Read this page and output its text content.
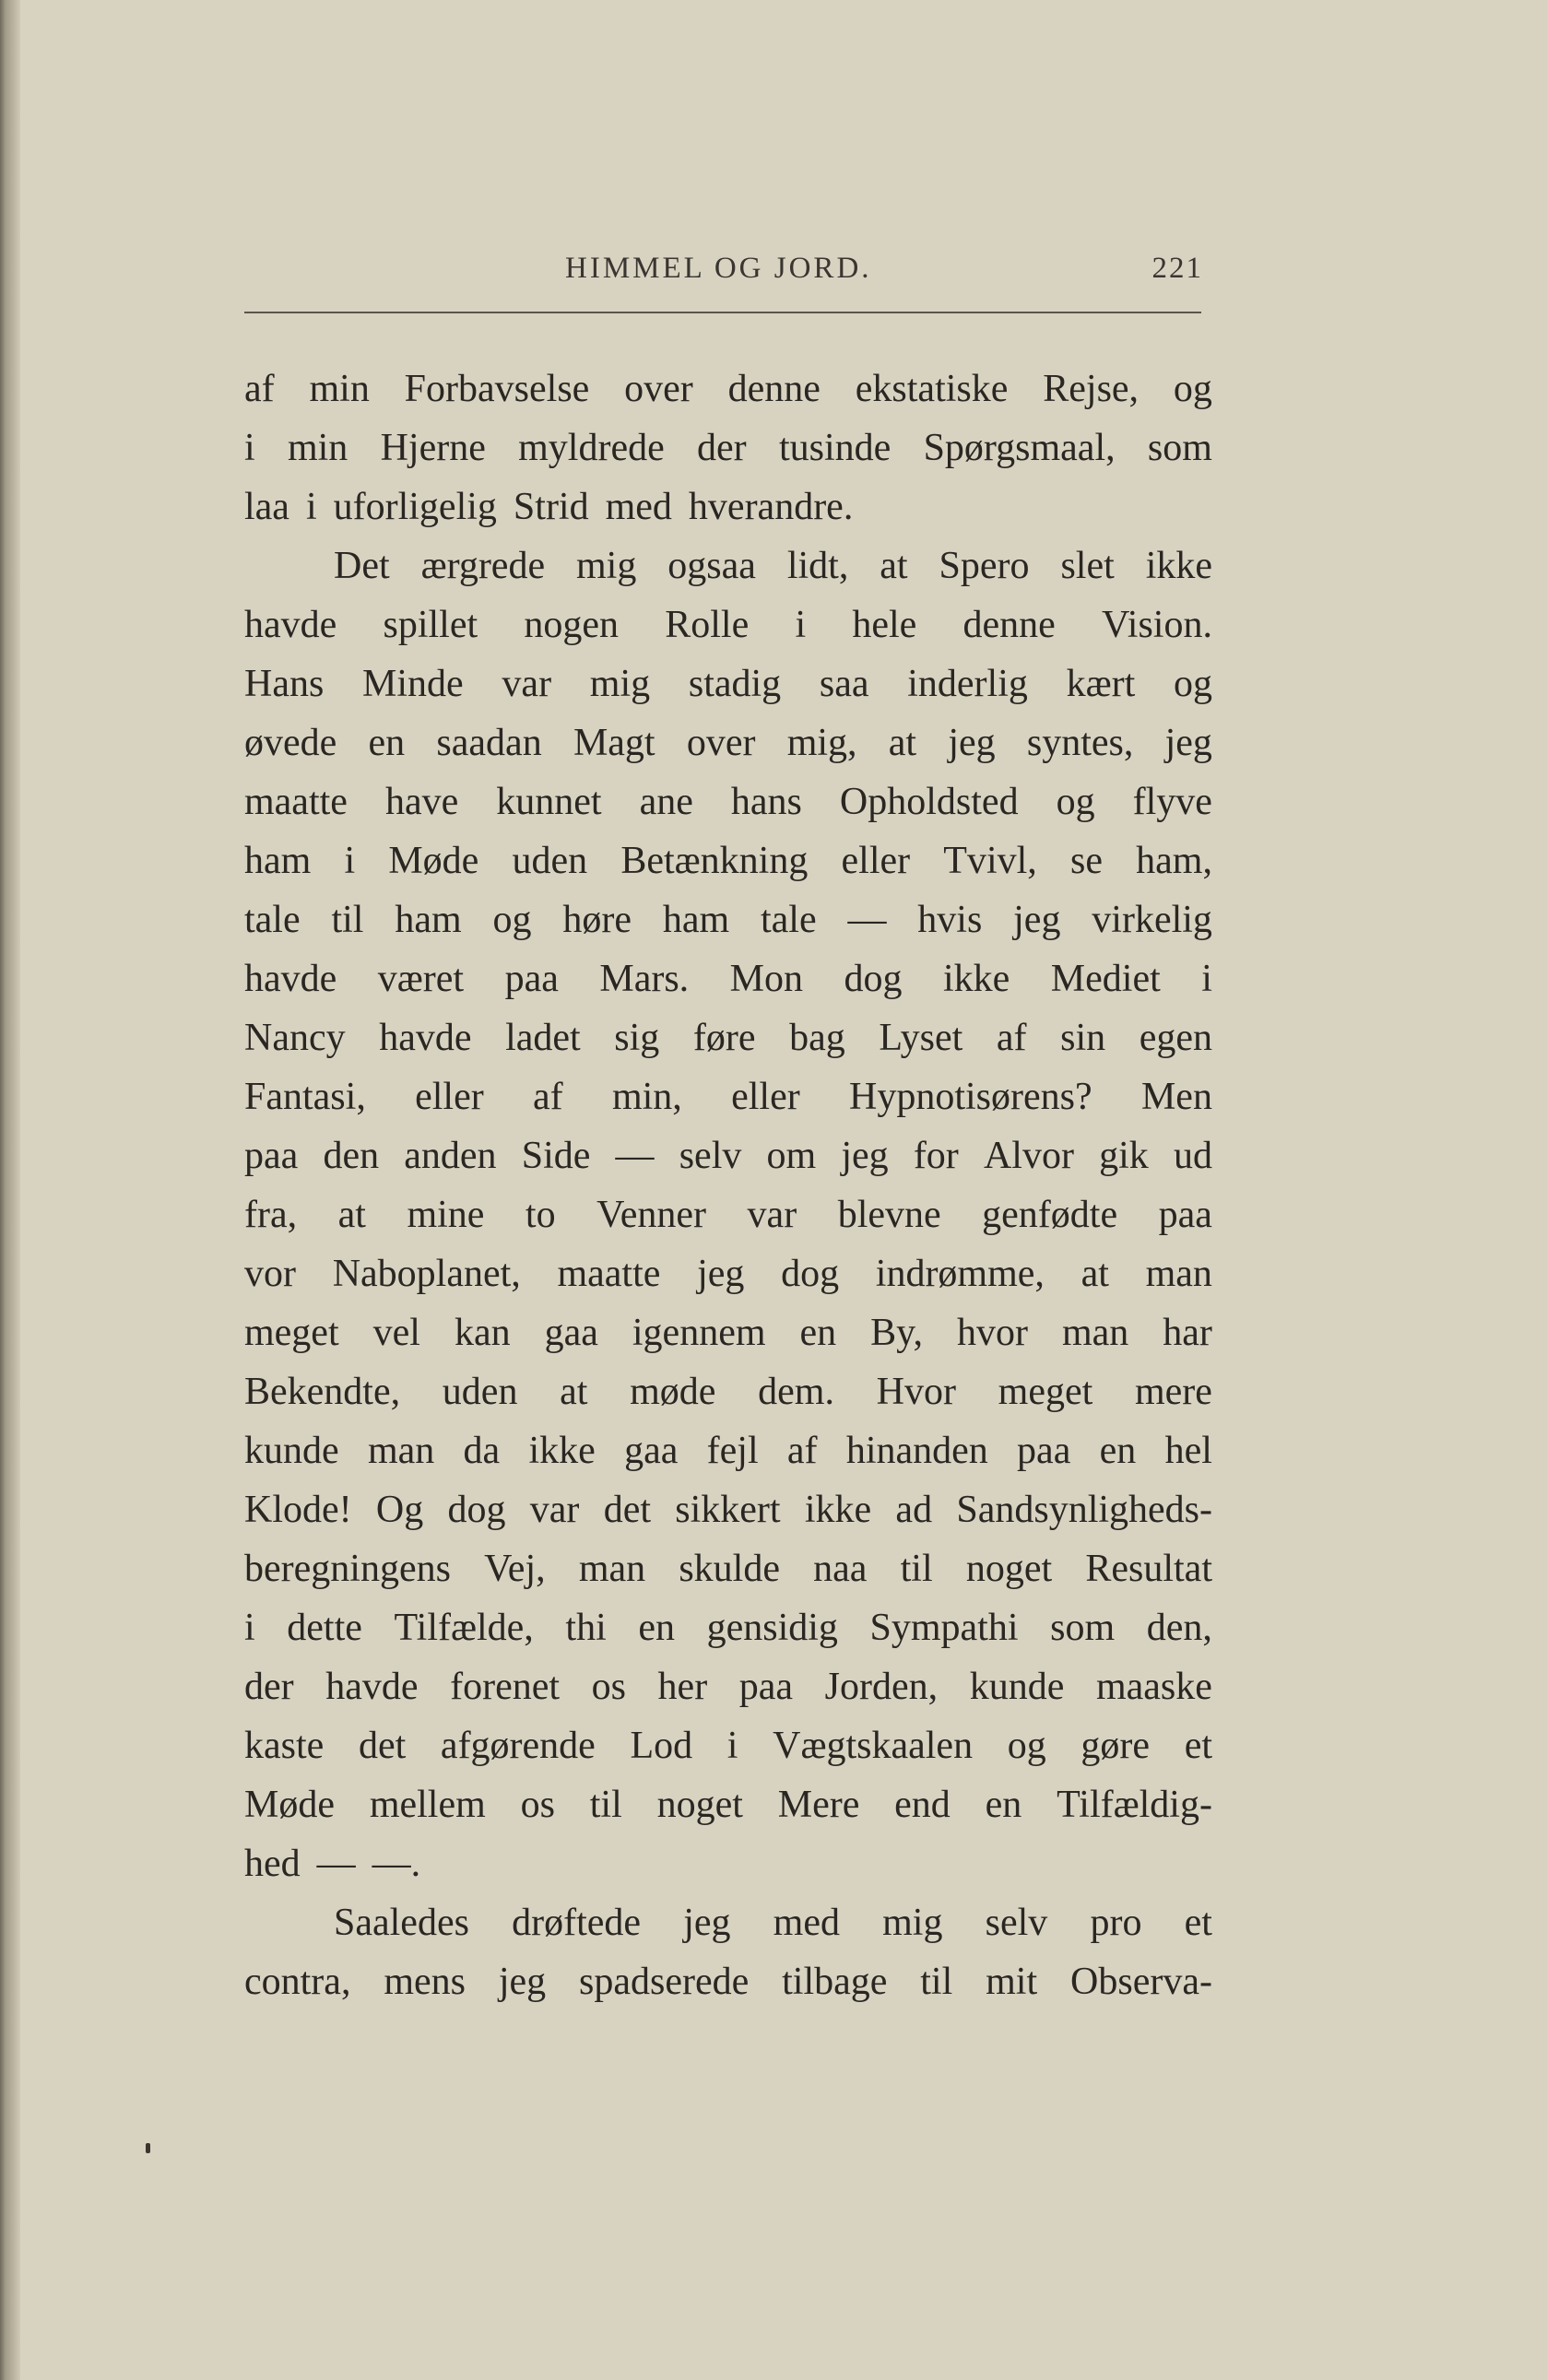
HIMMEL OG JORD.	221
af min Forbavselse over denne ekstatiske Rejse, og
i min Hjerne myldrede der tusinde Spørgsmaal, som
laa i uforligelig Strid med hverandre.
Det ærgrede mig ogsaa lidt, at Spero slet ikke
havde spillet nogen Rolle i hele denne Vision.
Hans Minde var mig stadig saa inderlig kært og
øvede en saadan Magt over mig, at jeg syntes, jeg
maatte have kunnet ane hans Opholdsted og flyve
ham i Møde uden Betænkning eller Tvivl, se ham,
tale til ham og høre ham tale — hvis jeg virkelig
havde været paa Mars. Mon dog ikke Mediet i
Nancy havde ladet sig føre bag Lyset af sin egen
Fantasi, eller af min, eller Hypnotisørens? Men
paa den anden Side — selv om jeg for Alvor gik ud
fra, at mine to Venner var blevne genfødte paa
vor Naboplanet, maatte jeg dog indrømme, at man
meget vel kan gaa igennem en By, hvor man har
Bekendte, uden at møde dem. Hvor meget mere
kunde man da ikke gaa fejl af hinanden paa en hel
Klode! Og dog var det sikkert ikke ad Sandsynligheds-
beregningens Vej, man skulde naa til noget Resultat
i dette Tilfælde, thi en gensidig Sympathi som den,
der havde forenet os her paa Jorden, kunde maaske
kaste det afgørende Lod i Vægtskaalen og gøre et
Møde mellem os til noget Mere end en Tilfældig-
hed — —.
Saaledes drøftede jeg med mig selv pro et
contra, mens jeg spadserede tilbage til mit Observa-
